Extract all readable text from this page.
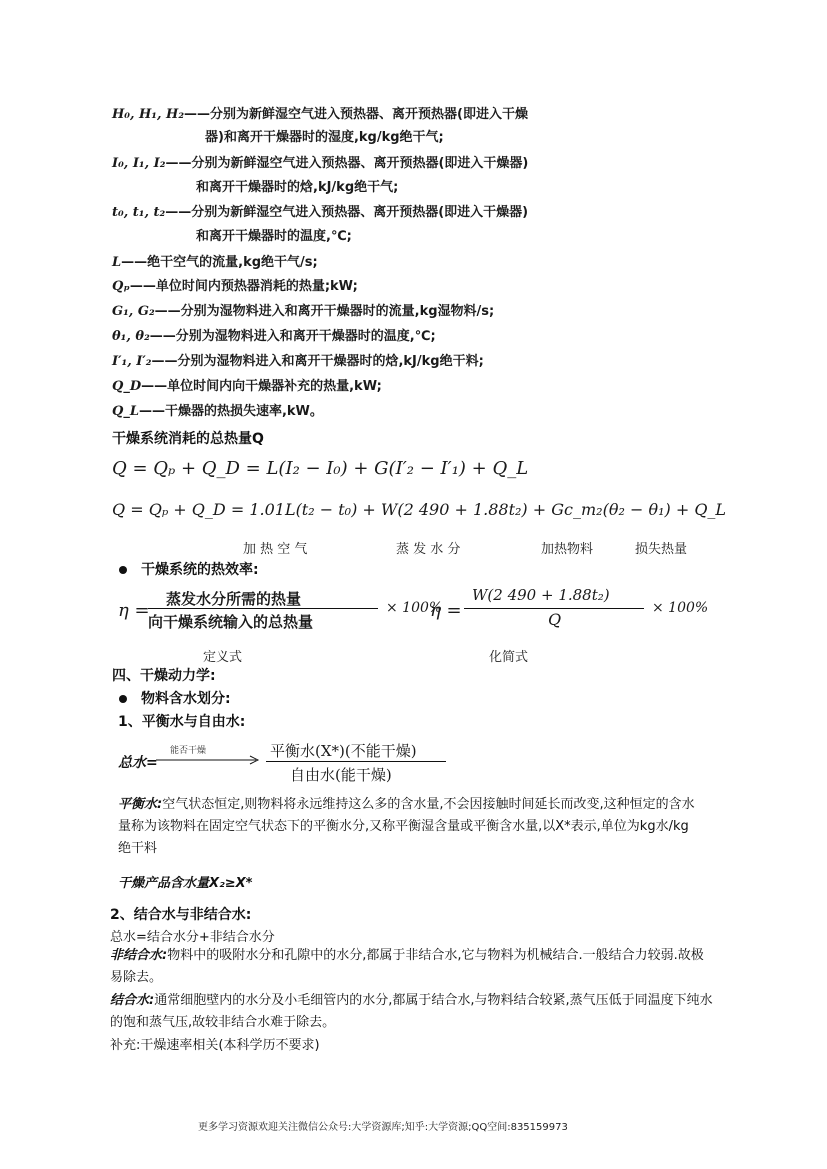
H₀, H₁, H₂——分别为新鲜湿空气进入预热器、离开预热器(即进入干燥
器)和离开干燥器时的湿度,kg/kg绝干气;
I₀, I₁, I₂——分别为新鲜湿空气进入预热器、离开预热器(即进入干燥器)
和离开干燥器时的焓,kJ/kg绝干气;
t₀, t₁, t₂——分别为新鲜湿空气进入预热器、离开预热器(即进入干燥器)
和离开干燥器时的温度,℃;
L——绝干空气的流量,kg绝干气/s;
Qₚ——单位时间内预热器消耗的热量;kW;
G₁, G₂——分别为湿物料进入和离开干燥器时的流量,kg湿物料/s;
θ₁, θ₂——分别为湿物料进入和离开干燥器时的温度,℃;
I′₁, I′₂——分别为湿物料进入和离开干燥器时的焓,kJ/kg绝干料;
Q_D——单位时间内向干燥器补充的热量,kW;
Q_L——干燥器的热损失速率,kW。
干燥系统消耗的总热量Q
Q = Qₚ + Q_D = L(I₂ − I₀) + G(I′₂ − I′₁) + Q_L
Q = Qₚ + Q_D = 1.01L(t₂ − t₀) + W(2 490 + 1.88t₂) + Gc_m₂(θ₂ − θ₁) + Q_L
加 热 空 气	蒸 发 水 分	加热物料	损失热量
干燥系统的热效率:
η =
蒸发水分所需的热量
向干燥系统输入的总热量
× 100%
η =
W(2 490 + 1.88t₂)
Q
× 100%
定义式	化简式
四、干燥动力学:
物料含水划分:
1、平衡水与自由水:
总水=
能否干燥	平衡水(X*)(不能干燥)
自由水(能干燥)
平衡水:空气状态恒定,则物料将永远维持这么多的含水量,不会因接触时间延长而改变,这种恒定的含水量称为该物料在固定空气状态下的平衡水分,又称平衡湿含量或平衡含水量,以X*表示,单位为kg水/kg绝干料
干燥产品含水量X₂≥X*
2、结合水与非结合水:
总水=结合水分+非结合水分
非结合水:物料中的吸附水分和孔隙中的水分,都属于非结合水,它与物料为机械结合.一般结合力较弱.故极易除去。
结合水:通常细胞壁内的水分及小毛细管内的水分,都属于结合水,与物料结合较紧,蒸气压低于同温度下纯水的饱和蒸气压,故较非结合水难于除去。
补充:干燥速率相关(本科学历不要求)
更多学习资源欢迎关注微信公众号:大学资源库;知乎:大学资源;QQ空间:835159973
